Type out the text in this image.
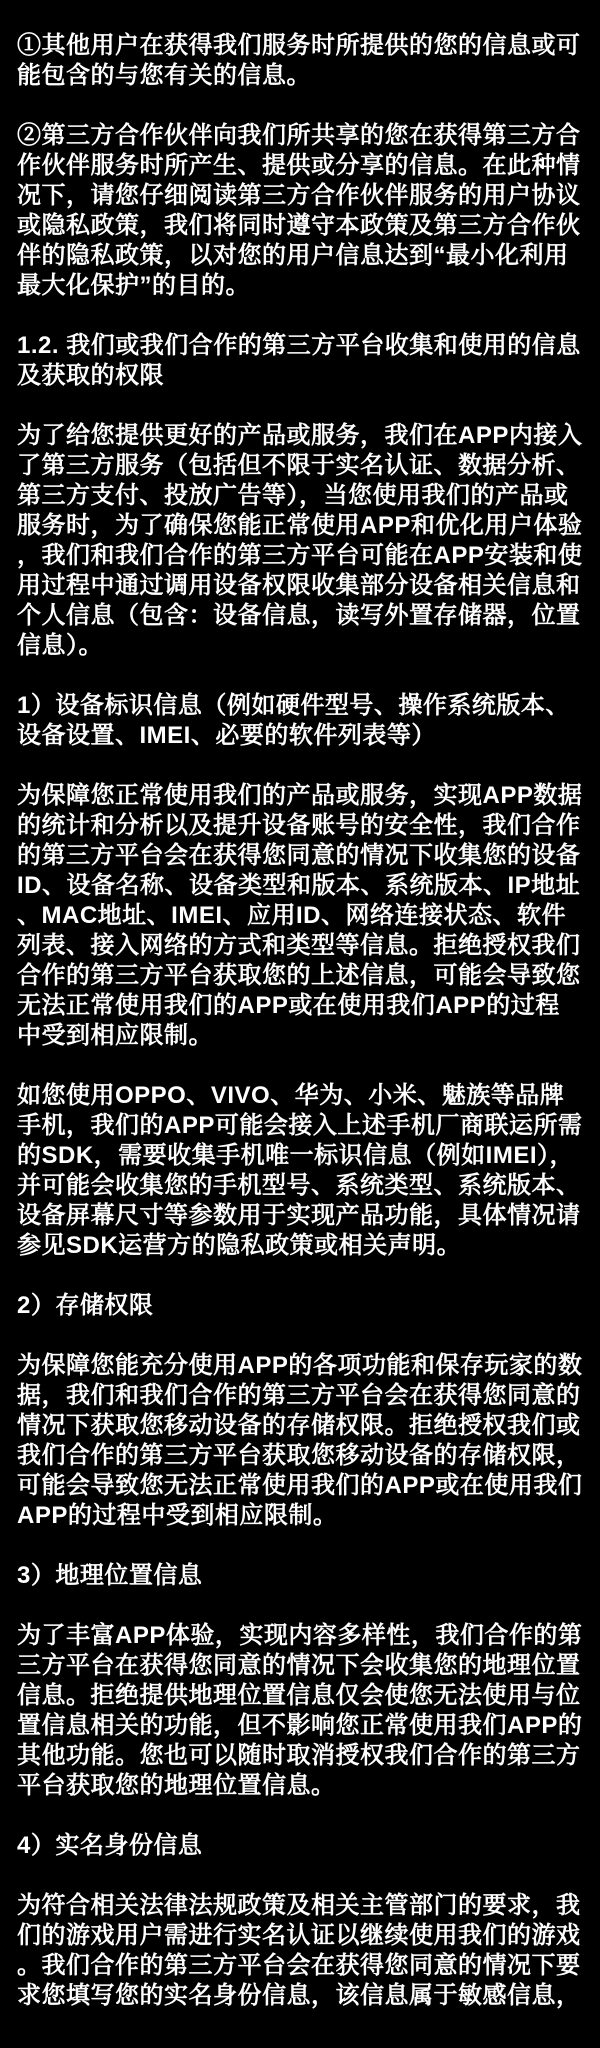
①其他用户在获得我们服务时所提供的您的信息或可能包含的与您有关的信息。

②第三方合作伙伴向我们所共享的您在获得第三方合作伙伴服务时所产生、提供或分享的信息。在此种情况下，请您仔细阅读第三方合作伙伴服务的用户协议或隐私政策，我们将同时遵守本政策及第三方合作伙伴的隐私政策，以对您的用户信息达到“最小化利用最大化保护”的目的。

1.2. 我们或我们合作的第三方平台收集和使用的信息及获取的权限

为了给您提供更好的产品或服务，我们在APP内接入了第三方服务（包括但不限于实名认证、数据分析、第三方支付、投放广告等），当您使用我们的产品或服务时，为了确保您能正常使用APP和优化用户体验，我们和我们合作的第三方平台可能在APP安装和使用过程中通过调用设备权限收集部分设备相关信息和个人信息（包含：设备信息，读写外置存储器，位置信息）。

1）设备标识信息（例如硬件型号、操作系统版本、设备设置、IMEI、必要的软件列表等）

为保障您正常使用我们的产品或服务，实现APP数据的统计和分析以及提升设备账号的安全性，我们合作的第三方平台会在获得您同意的情况下收集您的设备ID、设备名称、设备类型和版本、系统版本、IP地址、MAC地址、IMEI、应用ID、网络连接状态、软件列表、接入网络的方式和类型等信息。拒绝授权我们合作的第三方平台获取您的上述信息，可能会导致您无法正常使用我们的APP或在使用我们APP的过程中受到相应限制。

如您使用OPPO、VIVO、华为、小米、魅族等品牌手机，我们的APP可能会接入上述手机厂商联运所需的SDK，需要收集手机唯一标识信息（例如IMEI），并可能会收集您的手机型号、系统类型、系统版本、设备屏幕尺寸等参数用于实现产品功能，具体情况请参见SDK运营方的隐私政策或相关声明。

2）存储权限

为保障您能充分使用APP的各项功能和保存玩家的数据，我们和我们合作的第三方平台会在获得您同意的情况下获取您移动设备的存储权限。拒绝授权我们或我们合作的第三方平台获取您移动设备的存储权限，可能会导致您无法正常使用我们的APP或在使用我们APP的过程中受到相应限制。

3）地理位置信息

为了丰富APP体验，实现内容多样性，我们合作的第三方平台在获得您同意的情况下会收集您的地理位置信息。拒绝提供地理位置信息仅会使您无法使用与位置信息相关的功能，但不影响您正常使用我们APP的其他功能。您也可以随时取消授权我们合作的第三方平台获取您的地理位置信息。

4）实名身份信息

为符合相关法律法规政策及相关主管部门的要求，我们的游戏用户需进行实名认证以继续使用我们的游戏。我们合作的第三方平台会在获得您同意的情况下要求您填写您的实名身份信息，该信息属于敏感信息，
